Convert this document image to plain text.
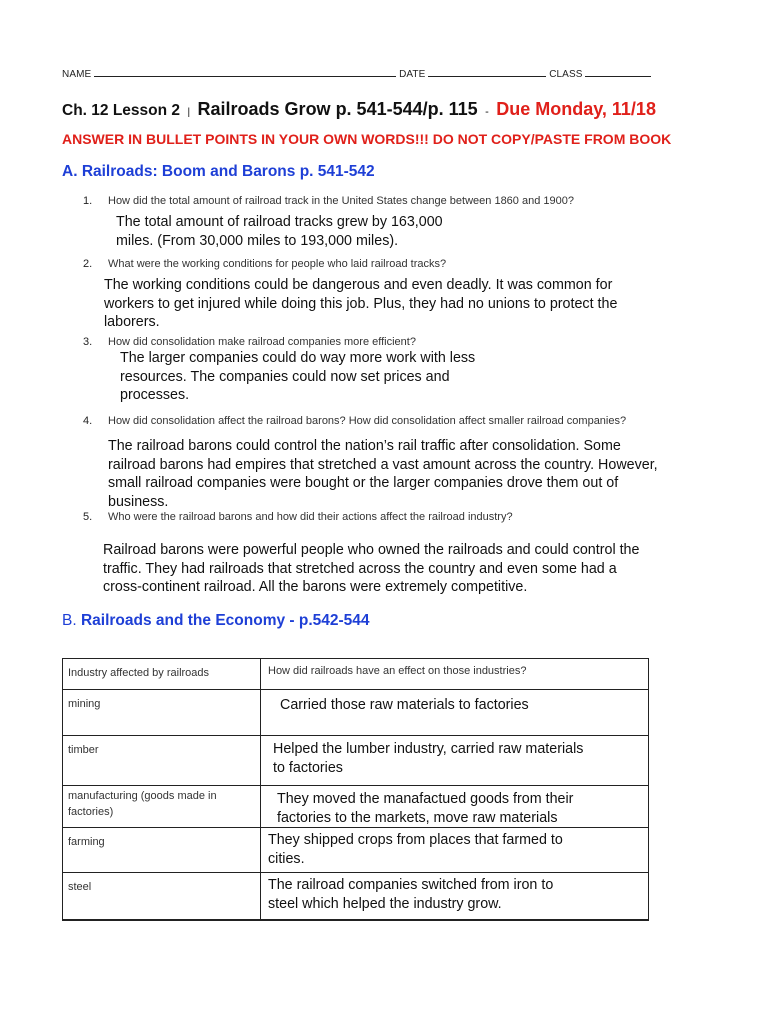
NAME	DATE	CLASS
Ch. 12 Lesson 2 | Railroads Grow p. 541-544/p. 115 - Due Monday, 11/18
ANSWER IN BULLET POINTS IN YOUR OWN WORDS!!! DO NOT COPY/PASTE FROM BOOK
A. Railroads: Boom and Barons p. 541-542
1. How did the total amount of railroad track in the United States change between 1860 and 1900?
The total amount of railroad tracks grew by 163,000
miles. (From 30,000 miles to 193,000 miles).
2. What were the working conditions for people who laid railroad tracks?
The working conditions could be dangerous and even deadly. It was common for
workers to get injured while doing this job. Plus, they had no unions to protect the
laborers.
3. How did consolidation make railroad companies more efficient?
The larger companies could do way more work with less
resources. The companies could now set prices and
processes.
4. How did consolidation affect the railroad barons? How did consolidation affect smaller railroad companies?
The railroad barons could control the nation’s rail traffic after consolidation. Some
railroad barons had empires that stretched a vast amount across the country. However,
small railroad companies were bought or the larger companies drove them out of
business.
5. Who were the railroad barons and how did their actions affect the railroad industry?
Railroad barons were powerful people who owned the railroads and could control the
traffic. They had railroads that stretched across the country and even some had a
cross-continent railroad. All the barons were extremely competitive.
B. Railroads and the Economy - p.542-544
Industry affected by railroads	How did railroads have an effect on those industries?
mining	Carried those raw materials to factories

timber	Helped the lumber industry, carried raw materials
to factories

manufacturing (goods made in factories)	They moved the manafactued goods from their
factories to the markets, move raw materials

farming	They shipped crops from places that farmed to
cities.

steel	The railroad companies switched from iron to
steel which helped the industry grow.
